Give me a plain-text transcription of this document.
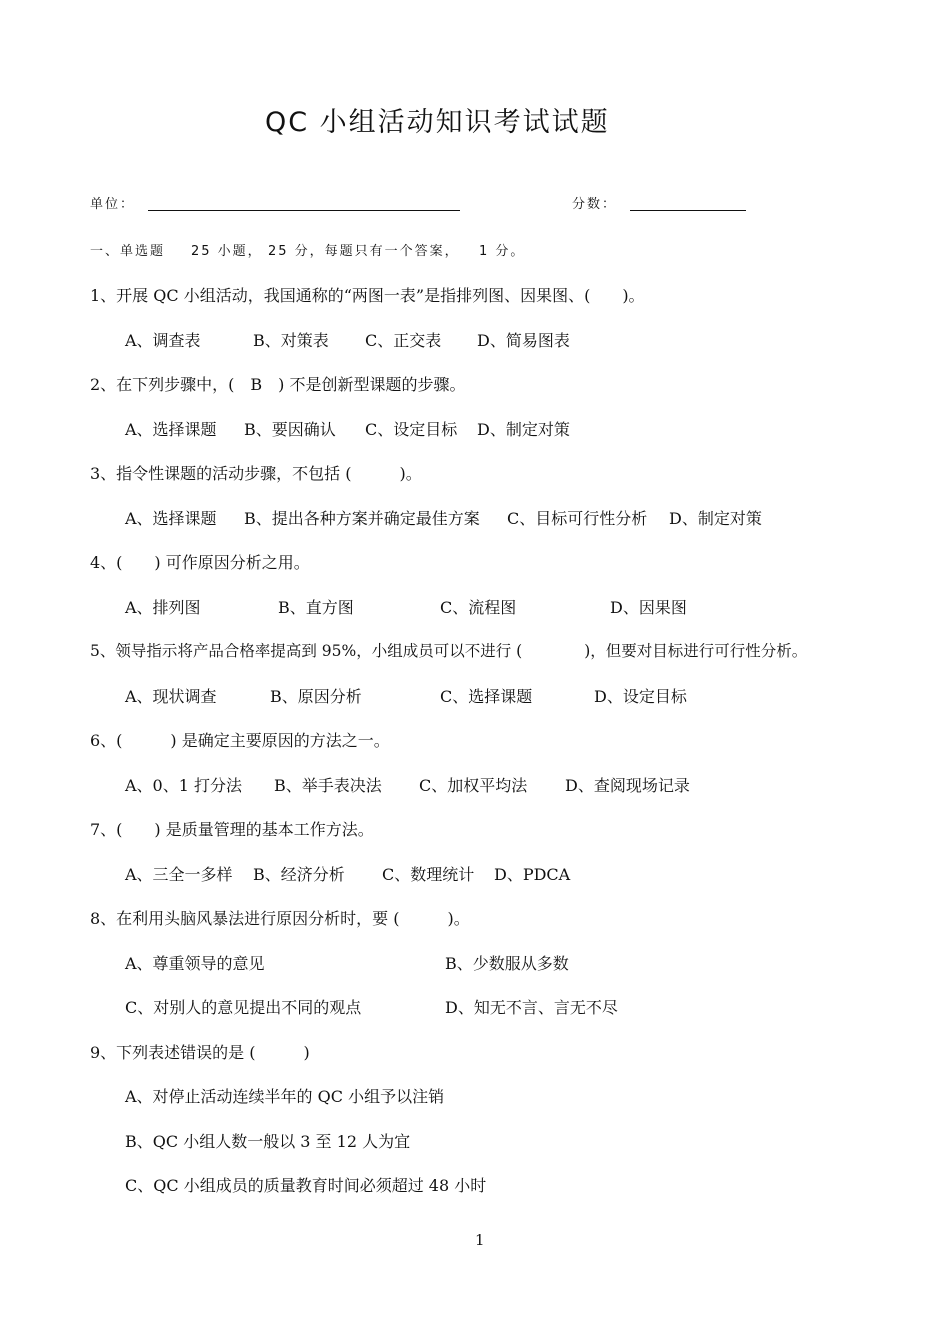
QC 小组活动知识考试试题
单位：	分数：
一、单选题 25 小题， 25 分，每题只有一个答案， 1 分。
1、开展 QC 小组活动，我国通称的“两图一表”是指排列图、因果图、(　　)。
A、调查表	B、对策表 C、正交表 D、简易图表
2、在下列步骤中，(　B　) 不是创新型课题的步骤。
A、选择课题 B、要因确认 C、设定目标 D、制定对策
3、指令性课题的活动步骤，不包括 (　　　)。
A、选择课题 B、提出各种方案并确定最佳方案 C、目标可行性分析 D、制定对策
4、(　　) 可作原因分析之用。
A、排列图	B、直方图	C、流程图	D、因果图
5、领导指示将产品合格率提高到 95%，小组成员可以不进行 (　　　　)，但要对目标进行可行性分析。
A、现状调查	B、原因分析	C、选择课题	D、设定目标
6、(　　　) 是确定主要原因的方法之一。
A、0、1 打分法 B、举手表决法 C、加权平均法 D、查阅现场记录
7、(　　) 是质量管理的基本工作方法。
A、三全一多样 B、经济分析 C、数理统计 D、PDCA
8、在利用头脑风暴法进行原因分析时，要 (　　　)。
A、尊重领导的意见	B、少数服从多数
C、对别人的意见提出不同的观点	D、知无不言、言无不尽
9、下列表述错误的是 (　　　)
A、对停止活动连续半年的 QC 小组予以注销
B、QC 小组人数一般以 3 至 12 人为宜
C、QC 小组成员的质量教育时间必须超过 48 小时
1
